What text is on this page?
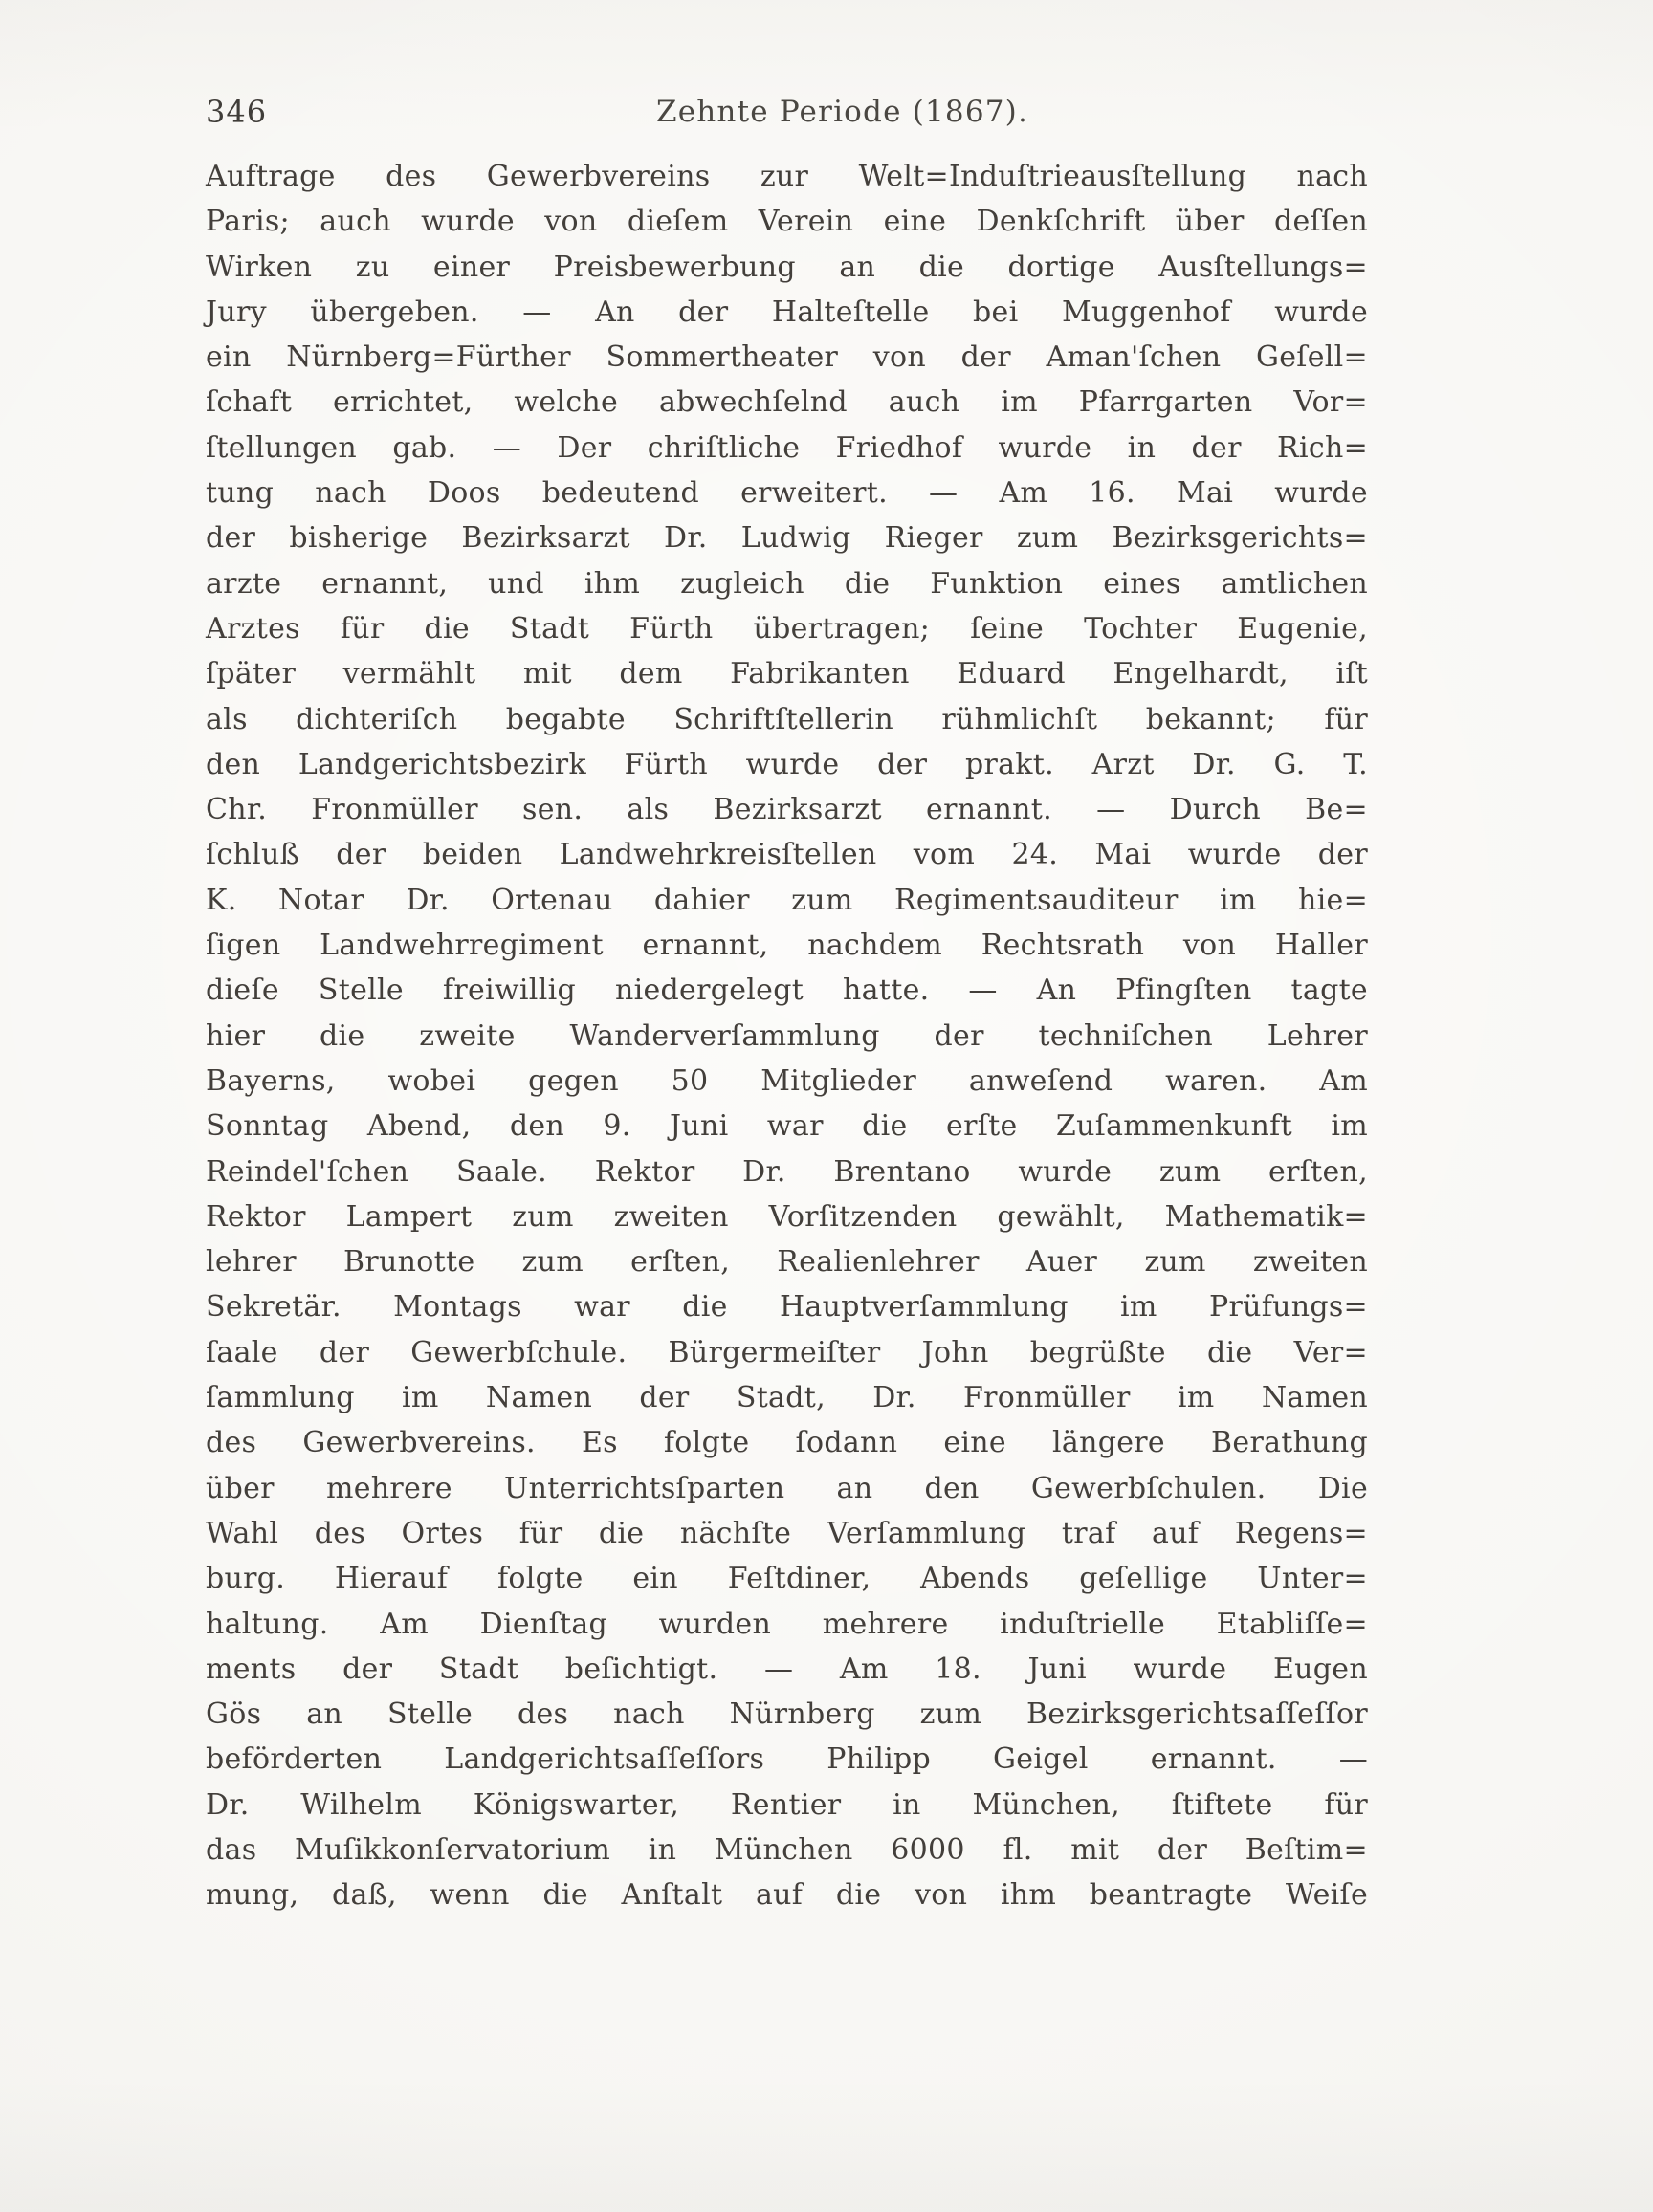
346	Zehnte Periode (1867).
Auftrage des Gewerbvereins zur Welt=Induſtrieausſtellung nach
Paris; auch wurde von dieſem Verein eine Denkſchrift über deſſen
Wirken zu einer Preisbewerbung an die dortige Ausſtellungs=
Jury übergeben. — An der Halteſtelle bei Muggenhof wurde
ein Nürnberg=Fürther Sommertheater von der Aman'ſchen Geſell=
ſchaft errichtet, welche abwechſelnd auch im Pfarrgarten Vor=
ſtellungen gab. — Der chriſtliche Friedhof wurde in der Rich=
tung nach Doos bedeutend erweitert. — Am 16. Mai wurde
der bisherige Bezirksarzt Dr. Ludwig Rieger zum Bezirksgerichts=
arzte ernannt, und ihm zugleich die Funktion eines amtlichen
Arztes für die Stadt Fürth übertragen; ſeine Tochter Eugenie,
ſpäter vermählt mit dem Fabrikanten Eduard Engelhardt, iſt
als dichteriſch begabte Schriftſtellerin rühmlichſt bekannt; für
den Landgerichtsbezirk Fürth wurde der prakt. Arzt Dr. G. T.
Chr. Fronmüller sen. als Bezirksarzt ernannt. — Durch Be=
ſchluß der beiden Landwehrkreisſtellen vom 24. Mai wurde der
K. Notar Dr. Ortenau dahier zum Regimentsauditeur im hie=
ſigen Landwehrregiment ernannt, nachdem Rechtsrath von Haller
dieſe Stelle freiwillig niedergelegt hatte. — An Pfingſten tagte
hier die zweite Wanderverſammlung der techniſchen Lehrer
Bayerns, wobei gegen 50 Mitglieder anweſend waren. Am
Sonntag Abend, den 9. Juni war die erſte Zuſammenkunft im
Reindel'ſchen Saale. Rektor Dr. Brentano wurde zum erſten,
Rektor Lampert zum zweiten Vorſitzenden gewählt, Mathematik=
lehrer Brunotte zum erſten, Realienlehrer Auer zum zweiten
Sekretär. Montags war die Hauptverſammlung im Prüfungs=
ſaale der Gewerbſchule. Bürgermeiſter John begrüßte die Ver=
ſammlung im Namen der Stadt, Dr. Fronmüller im Namen
des Gewerbvereins. Es folgte ſodann eine längere Berathung
über mehrere Unterrichtsſparten an den Gewerbſchulen. Die
Wahl des Ortes für die nächſte Verſammlung traf auf Regens=
burg. Hierauf folgte ein Feſtdiner, Abends geſellige Unter=
haltung. Am Dienſtag wurden mehrere induſtrielle Etabliſſe=
ments der Stadt beſichtigt. — Am 18. Juni wurde Eugen
Gös an Stelle des nach Nürnberg zum Bezirksgerichtsaſſeſſor
beförderten Landgerichtsaſſeſſors Philipp Geigel ernannt. —
Dr. Wilhelm Königswarter, Rentier in München, ſtiftete für
das Muſikkonſervatorium in München 6000 fl. mit der Beſtim=
mung, daß, wenn die Anſtalt auf die von ihm beantragte Weiſe
